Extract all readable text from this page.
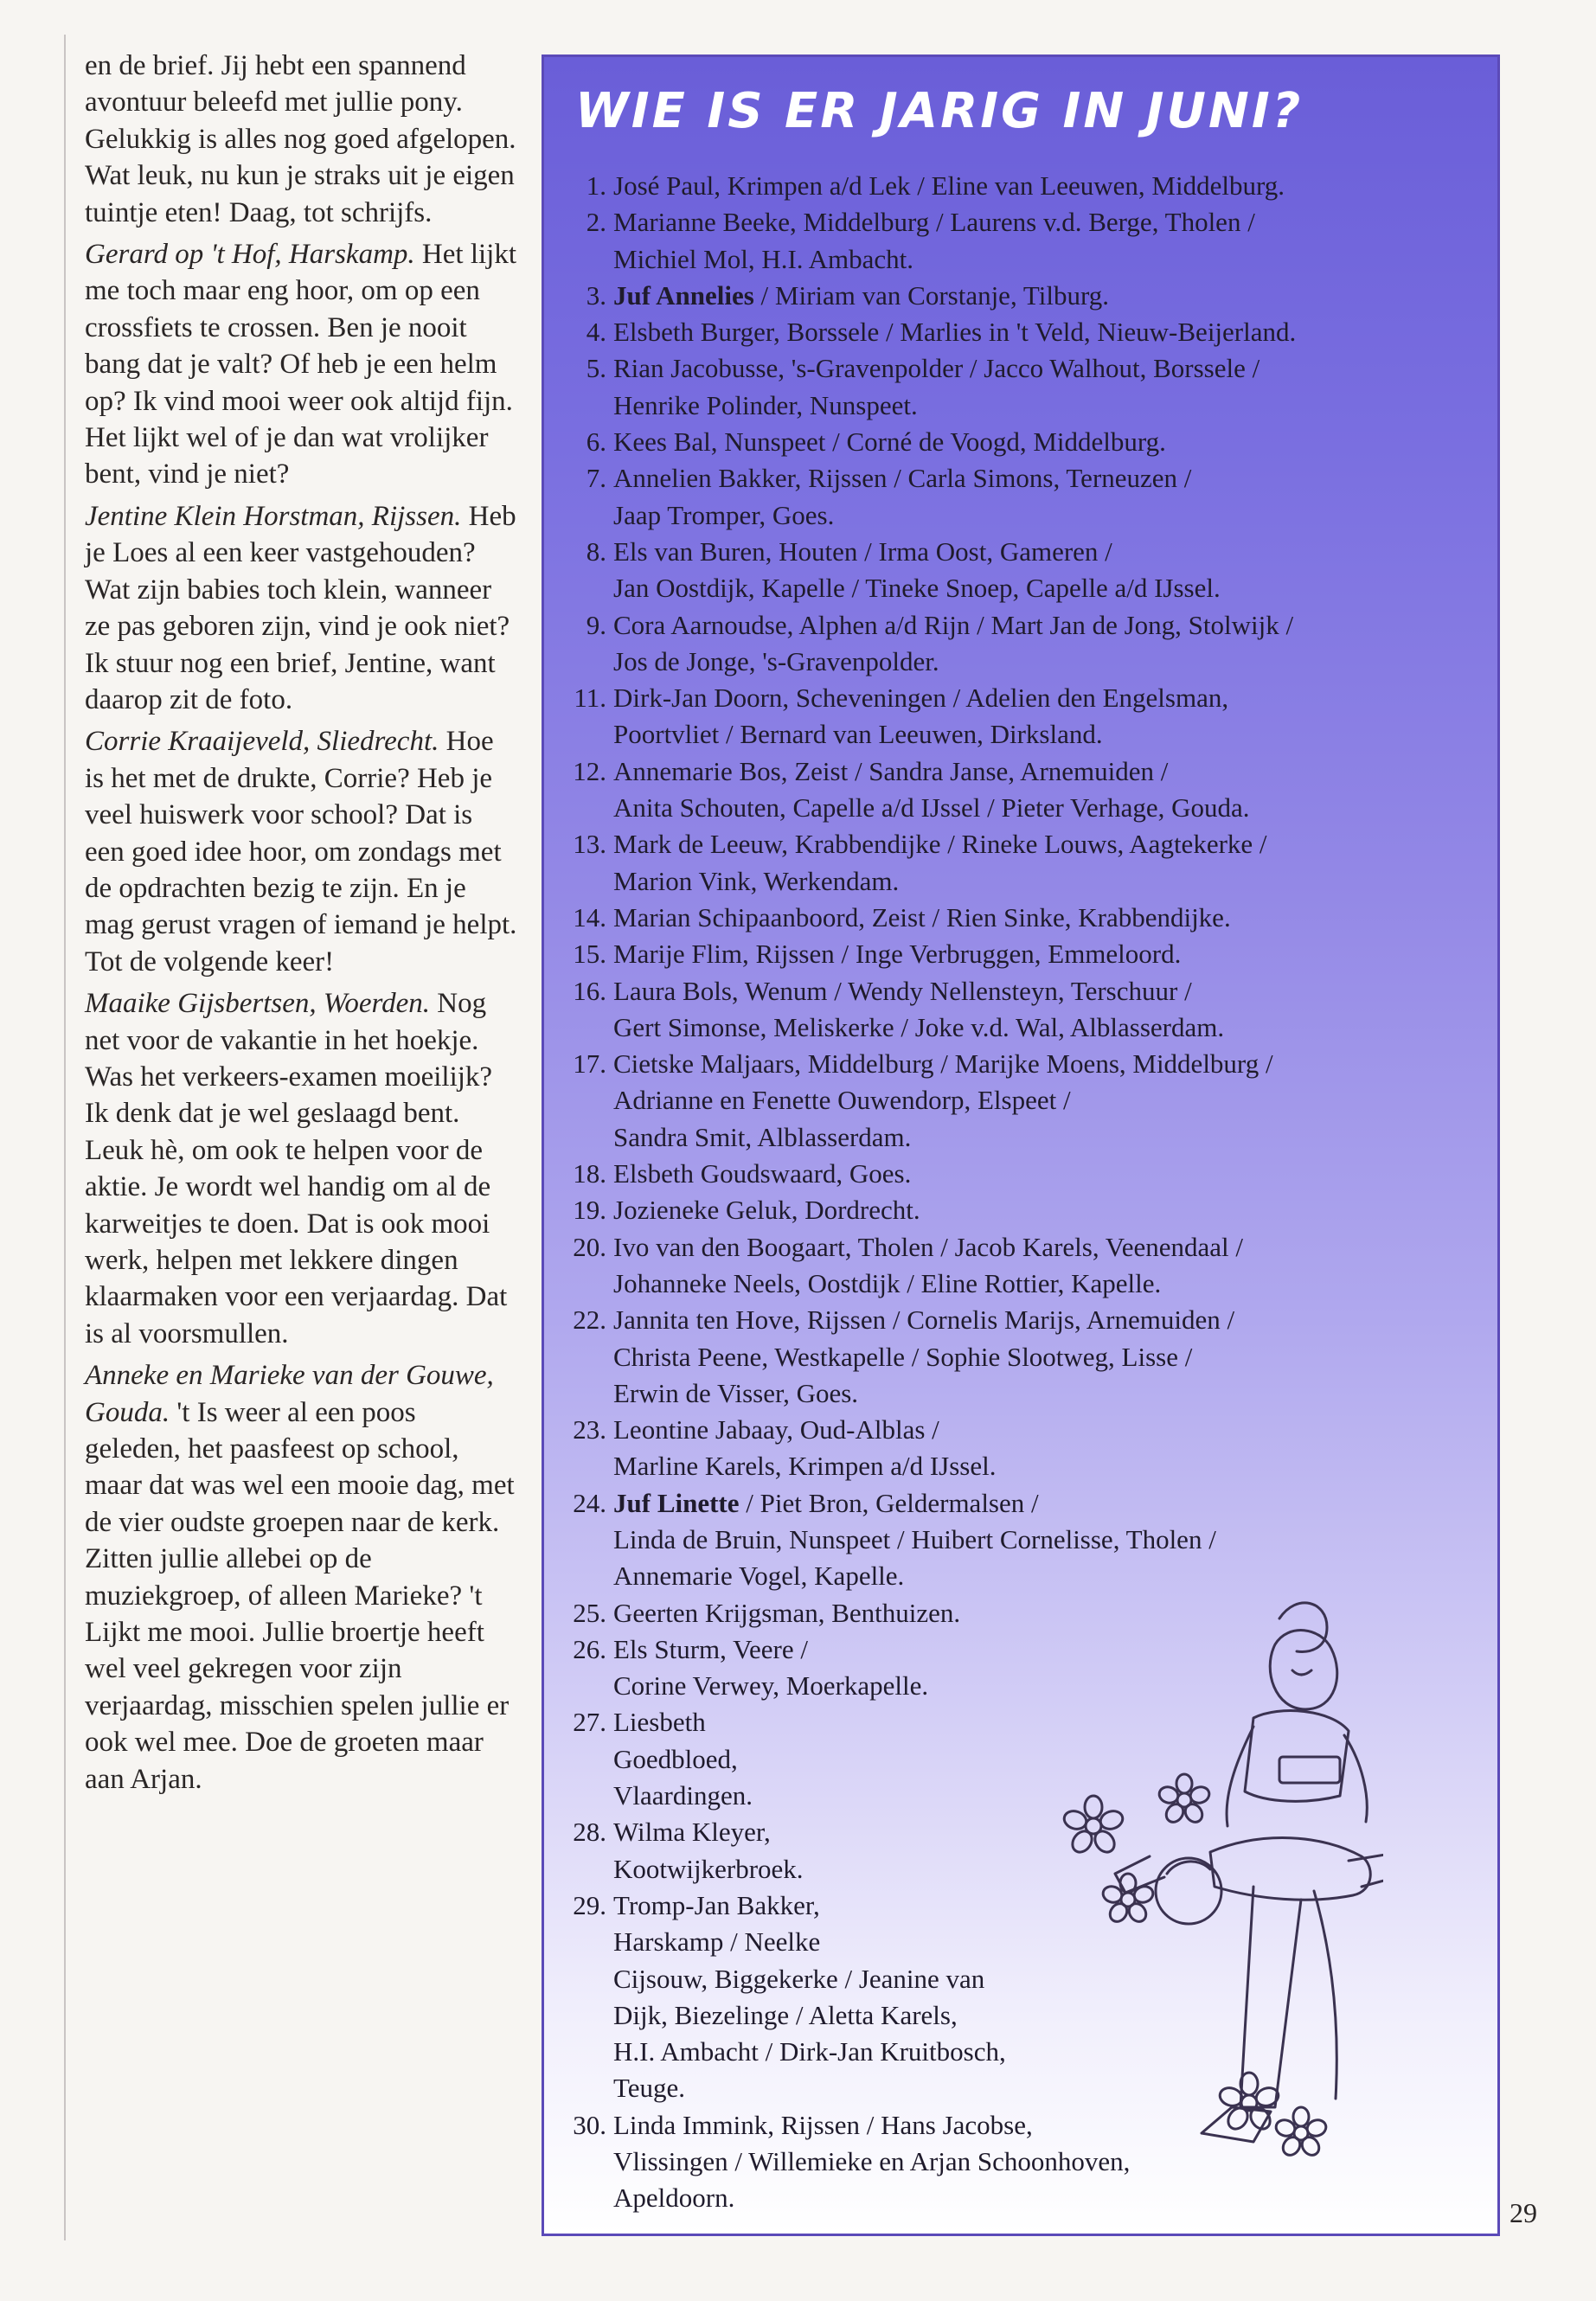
en de brief. Jij hebt een spannend avontuur beleefd met jullie pony. Gelukkig is alles nog goed afgelopen. Wat leuk, nu kun je straks uit je eigen tuintje eten! Daag, tot schrijfs.

Gerard op 't Hof, Harskamp. Het lijkt me toch maar eng hoor, om op een crossfiets te crossen. Ben je nooit bang dat je valt? Of heb je een helm op? Ik vind mooi weer ook altijd fijn. Het lijkt wel of je dan wat vrolijker bent, vind je niet?

Jentine Klein Horstman, Rijssen. Heb je Loes al een keer vastgehouden? Wat zijn babies toch klein, wanneer ze pas geboren zijn, vind je ook niet? Ik stuur nog een brief, Jentine, want daarop zit de foto.

Corrie Kraaijeveld, Sliedrecht. Hoe is het met de drukte, Corrie? Heb je veel huiswerk voor school? Dat is een goed idee hoor, om zondags met de opdrachten bezig te zijn. En je mag gerust vragen of iemand je helpt. Tot de volgende keer!

Maaike Gijsbertsen, Woerden. Nog net voor de vakantie in het hoekje. Was het verkeers-examen moeilijk? Ik denk dat je wel geslaagd bent. Leuk hè, om ook te helpen voor de aktie. Je wordt wel handig om al de karweitjes te doen. Dat is ook mooi werk, helpen met lekkere dingen klaarmaken voor een verjaardag. Dat is al voorsmullen.

Anneke en Marieke van der Gouwe, Gouda. 't Is weer al een poos geleden, het paasfeest op school, maar dat was wel een mooie dag, met de vier oudste groepen naar de kerk. Zitten jullie allebei op de muziekgroep, of alleen Marieke? 't Lijkt me mooi. Jullie broertje heeft wel veel gekregen voor zijn verjaardag, misschien spelen jullie er ook wel mee. Doe de groeten maar aan Arjan.

WIE IS ER JARIG IN JUNI?
1. José Paul, Krimpen a/d Lek / Eline van Leeuwen, Middelburg.
2. Marianne Beeke, Middelburg / Laurens v.d. Berge, Tholen /
Michiel Mol, H.I. Ambacht.
3. Juf Annelies / Miriam van Corstanje, Tilburg.
4. Elsbeth Burger, Borssele / Marlies in 't Veld, Nieuw-Beijerland.
5. Rian Jacobusse, 's-Gravenpolder / Jacco Walhout, Borssele /
Henrike Polinder, Nunspeet.
6. Kees Bal, Nunspeet / Corné de Voogd, Middelburg.
7. Annelien Bakker, Rijssen / Carla Simons, Terneuzen /
Jaap Tromper, Goes.
8. Els van Buren, Houten / Irma Oost, Gameren /
Jan Oostdijk, Kapelle / Tineke Snoep, Capelle a/d IJssel.
9. Cora Aarnoudse, Alphen a/d Rijn / Mart Jan de Jong, Stolwijk /
Jos de Jonge, 's-Gravenpolder.
11. Dirk-Jan Doorn, Scheveningen / Adelien den Engelsman,
Poortvliet / Bernard van Leeuwen, Dirksland.
12. Annemarie Bos, Zeist / Sandra Janse, Arnemuiden /
Anita Schouten, Capelle a/d IJssel / Pieter Verhage, Gouda.
13. Mark de Leeuw, Krabbendijke / Rineke Louws, Aagtekerke /
Marion Vink, Werkendam.
14. Marian Schipaanboord, Zeist / Rien Sinke, Krabbendijke.
15. Marije Flim, Rijssen / Inge Verbruggen, Emmeloord.
16. Laura Bols, Wenum / Wendy Nellensteyn, Terschuur /
Gert Simonse, Meliskerke / Joke v.d. Wal, Alblasserdam.
17. Cietske Maljaars, Middelburg / Marijke Moens, Middelburg /
Adrianne en Fenette Ouwendorp, Elspeet /
Sandra Smit, Alblasserdam.
18. Elsbeth Goudswaard, Goes.
19. Jozieneke Geluk, Dordrecht.
20. Ivo van den Boogaart, Tholen / Jacob Karels, Veenendaal /
Johanneke Neels, Oostdijk / Eline Rottier, Kapelle.
22. Jannita ten Hove, Rijssen / Cornelis Marijs, Arnemuiden /
Christa Peene, Westkapelle / Sophie Slootweg, Lisse /
Erwin de Visser, Goes.
23. Leontine Jabaay, Oud-Alblas /
Marline Karels, Krimpen a/d IJssel.
24. Juf Linette / Piet Bron, Geldermalsen /
Linda de Bruin, Nunspeet / Huibert Cornelisse, Tholen /
Annemarie Vogel, Kapelle.
25. Geerten Krijgsman, Benthuizen.
26. Els Sturm, Veere /
Corine Verwey, Moerkapelle.
27. Liesbeth
Goedbloed,
Vlaardingen.
28. Wilma Kleyer,
Kootwijkerbroek.
29. Tromp-Jan Bakker,
Harskamp / Neelke
Cijsouw, Biggekerke / Jeanine van
Dijk, Biezelinge / Aletta Karels,
H.I. Ambacht / Dirk-Jan Kruitbosch,
Teuge.
30. Linda Immink, Rijssen / Hans Jacobse,
Vlissingen / Willemieke en Arjan Schoonhoven,
Apeldoorn.	29
